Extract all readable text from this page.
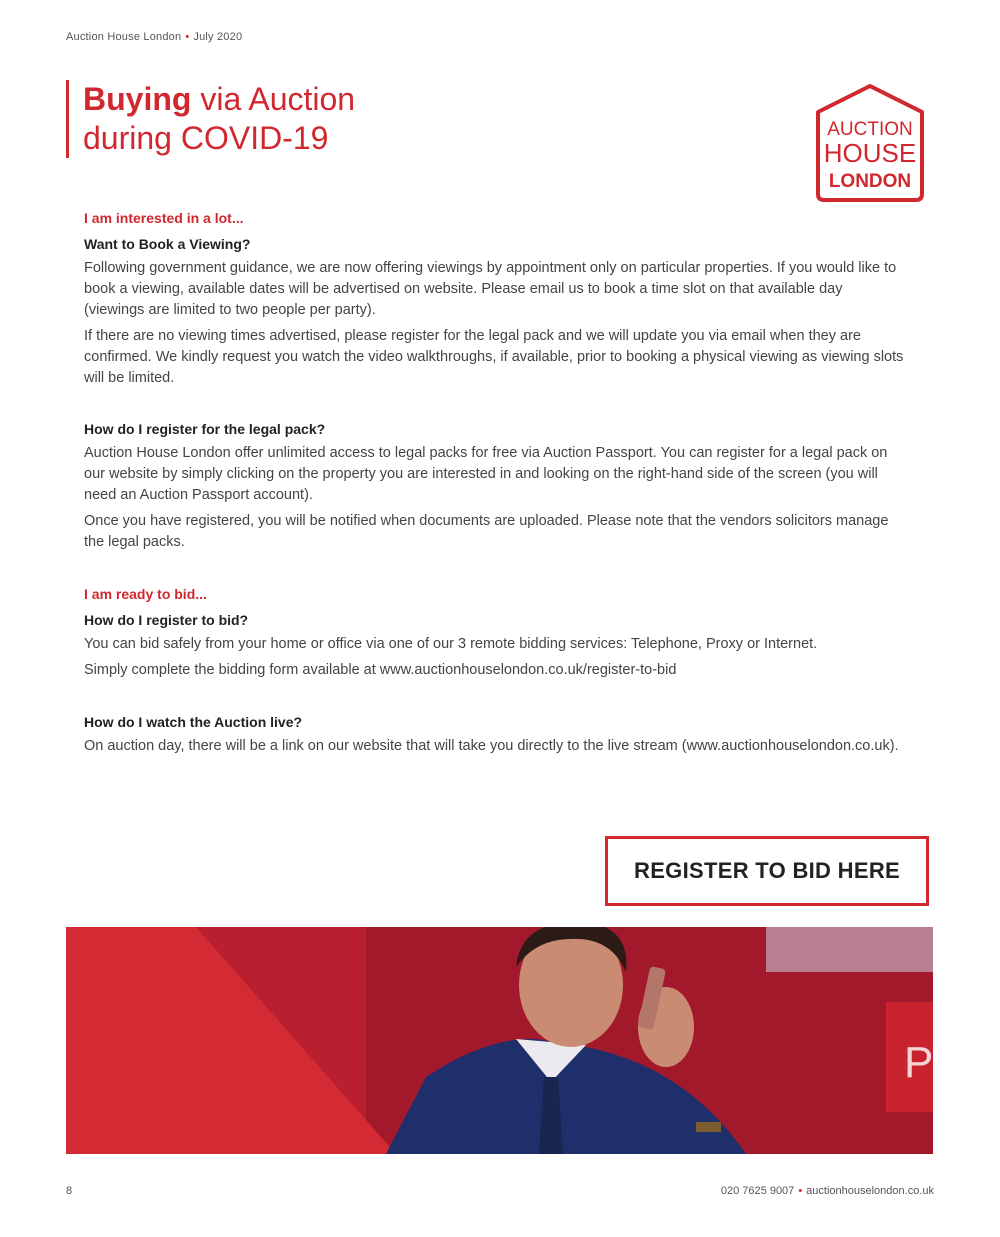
Auction House London • July 2020
Buying via Auction
during COVID-19	AUCTION
HOUSE
LONDON

I am interested in a lot...

Want to Book a Viewing?

Following government guidance, we are now offering viewings by appointment only on particular properties. If you would like to book a viewing, available dates will be advertised on website. Please email us to book a time slot on that available day (viewings are limited to two people per party).

If there are no viewing times advertised, please register for the legal pack and we will update you via email when they are confirmed. We kindly request you watch the video walkthroughs, if available, prior to booking a physical viewing as viewing slots will be limited.

How do I register for the legal pack?

Auction House London offer unlimited access to legal packs for free via Auction Passport. You can register for a legal pack on our website by simply clicking on the property you are interested in and looking on the right-hand side of the screen (you will need an Auction Passport account).

Once you have registered, you will be notified when documents are uploaded. Please note that the vendors solicitors manage the legal packs.

I am ready to bid...

How do I register to bid?

You can bid safely from your home or office via one of our 3 remote bidding services: Telephone, Proxy or Internet.

Simply complete the bidding form available at www.auctionhouselondon.co.uk/register-to-bid

How do I watch the Auction live?

On auction day, there will be a link on our website that will take you directly to the live stream (www.auctionhouselondon.co.uk).

REGISTER TO BID HERE
P
8	020 7625 9007 • auctionhouselondon.co.uk
